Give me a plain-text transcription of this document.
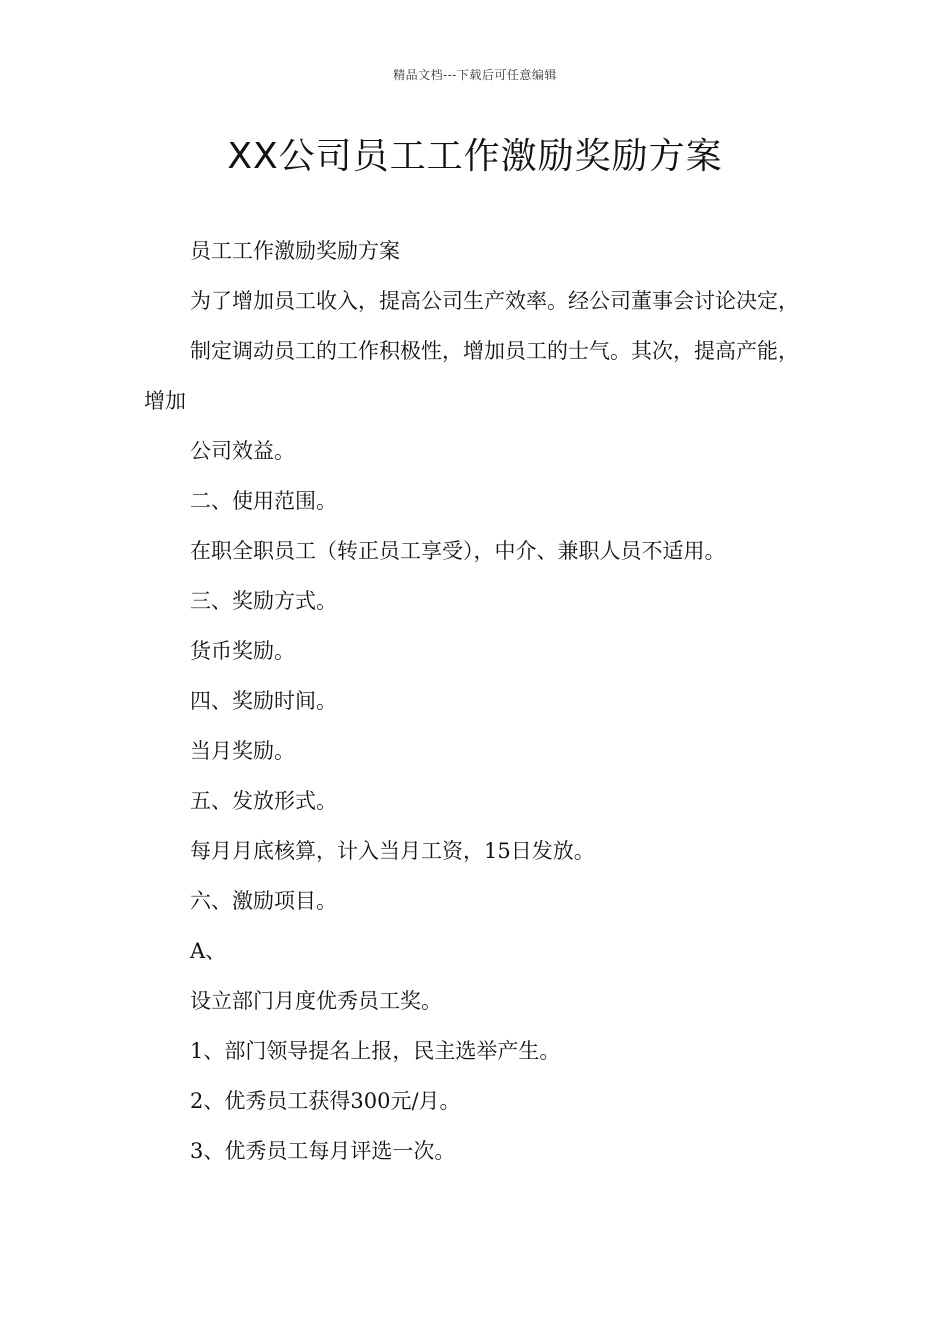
精品文档---下载后可任意编辑
XX公司员工工作激励奖励方案

员工工作激励奖励方案

为了增加员工收入，提高公司生产效率。经公司董事会讨论决定，

制定调动员工的工作积极性，增加员工的士气。其次，提高产能，增加

公司效益。

二、使用范围。

在职全职员工（转正员工享受），中介、兼职人员不适用。

三、奖励方式。

货币奖励。

四、奖励时间。

当月奖励。

五、发放形式。

每月月底核算，计入当月工资，15日发放。

六、激励项目。

A、

设立部门月度优秀员工奖。

1、部门领导提名上报，民主选举产生。

2、优秀员工获得300元/月。

3、优秀员工每月评选一次。
